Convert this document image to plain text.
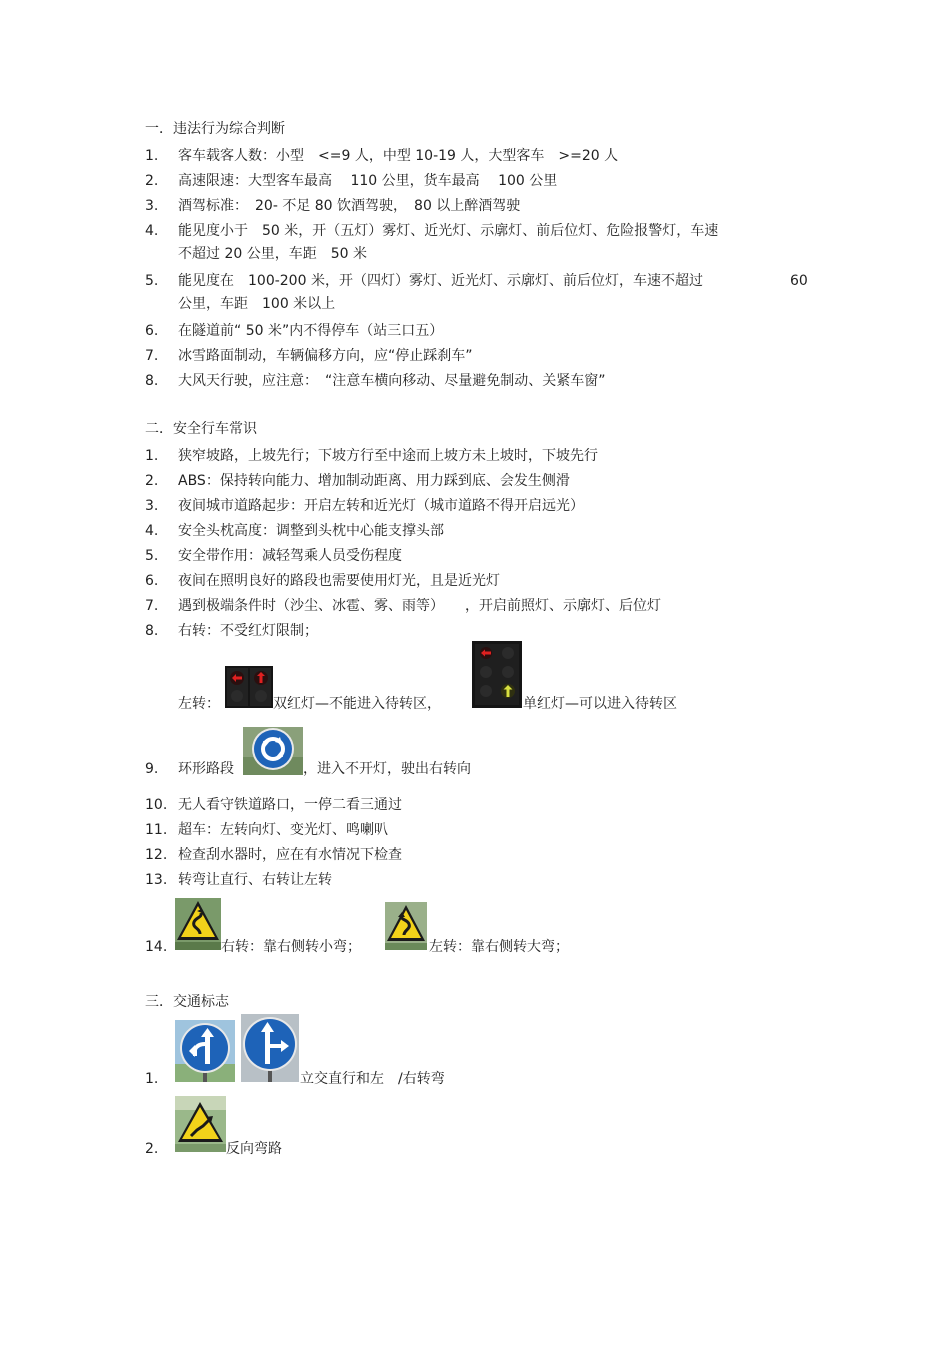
一．违法行为综合判断
1. 客车载客人数：小型　<=9 人，中型 10-19 人，大型客车　>=20 人
2. 高速限速：大型客车最高　 110 公里，货车最高　 100 公里
3. 酒驾标准：　20- 不足 80 饮酒驾驶，　80 以上醉酒驾驶
4. 能见度小于　50 米，开（五灯）雾灯、近光灯、示廓灯、前后位灯、危险报警灯，车速
不超过 20 公里，车距　50 米
5. 能见度在　100-200 米，开（四灯）雾灯、近光灯、示廓灯、前后位灯，车速不超过	60
公里，车距　100 米以上
6. 在隧道前“ 50 米”内不得停车（站三口五）
7. 冰雪路面制动，车辆偏移方向，应“停止踩刹车”
8. 大风天行驶，应注意：　“注意车横向移动、尽量避免制动、关紧车窗”
二．安全行车常识
1. 狭窄坡路，上坡先行；下坡方行至中途而上坡方未上坡时，下坡先行
2. ABS：保持转向能力、增加制动距离、用力踩到底、会发生侧滑
3. 夜间城市道路起步：开启左转和近光灯（城市道路不得开启远光）
4. 安全头枕高度：调整到头枕中心能支撑头部
5. 安全带作用：减轻驾乘人员受伤程度
6. 夜间在照明良好的路段也需要使用灯光，且是近光灯
7. 遇到极端条件时（沙尘、冰雹、雾、雨等）　　，开启前照灯、示廓灯、后位灯
8. 右转：不受红灯限制；
左转：	双红灯—不能进入待转区，	单红灯—可以进入待转区
9. 环形路段	，进入不开灯，驶出右转向
10. 无人看守铁道路口，一停二看三通过
11. 超车：左转向灯、变光灯、鸣喇叭
12. 检查刮水器时，应在有水情况下检查
13. 转弯让直行、右转让左转
14.	右转：靠右侧转小弯；	左转：靠右侧转大弯；
三．交通标志
1.	立交直行和左　/右转弯
2.	反向弯路
